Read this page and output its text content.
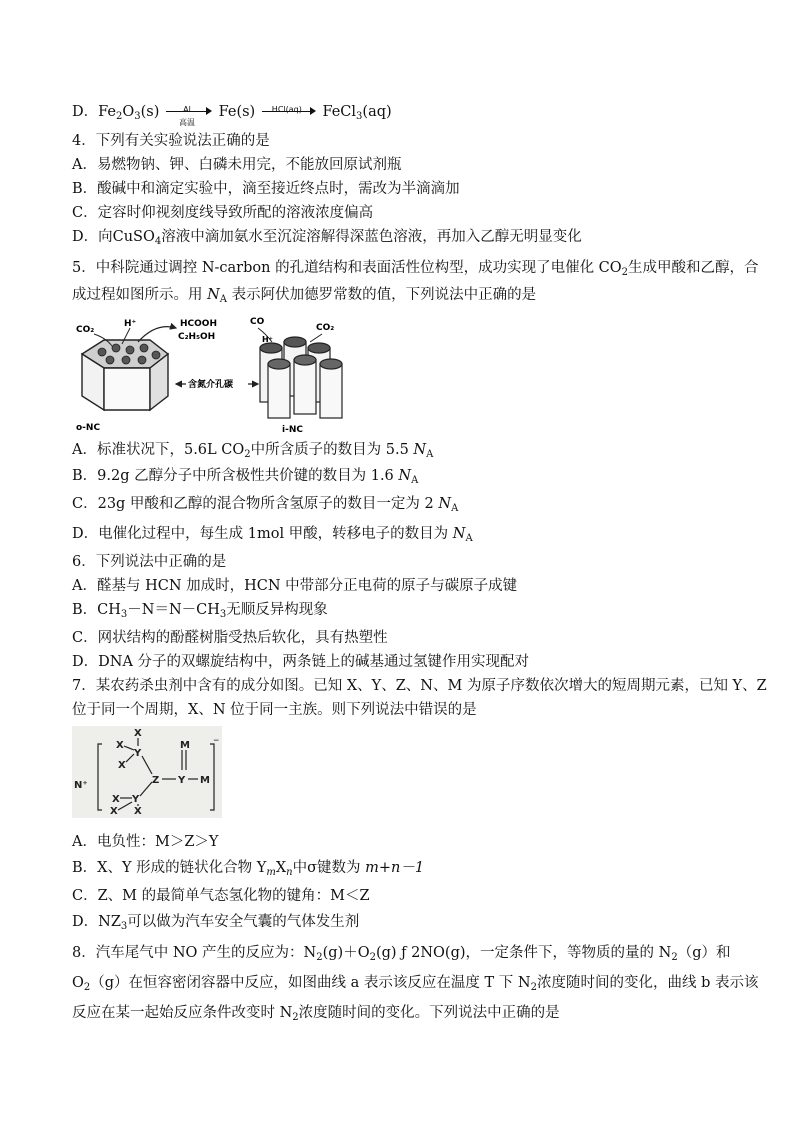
D．$Fe_2O_3(s)$	Al
高温
Fe(s)	HCl(aq)	FeCl$_3$(aq)
4．下列有关实验说法正确的是
A．易燃物钠、钾、白磷未用完，不能放回原试剂瓶
B．酸碱中和滴定实验中，滴至接近终点时，需改为半滴滴加
C．定容时仰视刻度线导致所配的溶液浓度偏高
D．向CuSO$_4$溶液中滴加氨水至沉淀溶解得深蓝色溶液，再加入乙醇无明显变化
5．中科院通过调控 N-carbon 的孔道结构和表面活性位构型，成功实现了电催化 $CO_2$生成甲酸和乙醇，合
成过程如图所示。用 $N_A$ 表示阿伏加德罗常数的值，下列说法中正确的是
CO₂
H⁺	HCOOH
C₂H₅OH
o-NC
含氮介孔碳
CO
CO₂
H⁺
i-NC
A．标准状况下，5.6L $CO_2$中所含质子的数目为 5.5 $N_A$
B．9.2g 乙醇分子中所含极性共价键的数目为 1.6 $N_A$
C．23g 甲酸和乙醇的混合物所含氢原子的数目一定为 2 $N_A$
D．电催化过程中，每生成 1mol 甲酸，转移电子的数目为 $N_A$
6．下列说法中正确的是
A．醛基与 HCN 加成时，HCN 中带部分正电荷的原子与碳原子成键
B．$CH_3-N=N-CH_3$无顺反异构现象
C．网状结构的酚醛树脂受热后软化，具有热塑性
D．DNA 分子的双螺旋结构中，两条链上的碱基通过氢键作用实现配对
7．某农药杀虫剂中含有的成分如图。已知 X、Y、Z、N、M 为原子序数依次增大的短周期元素，已知 Y、Z
位于同一个周期，X、N 位于同一主族。则下列说法中错误的是
N⁺
⁻
X
X
X
X
X X
Y
Y
Z Y
M
M
A．电负性：M＞Z＞Y
B．X、Y 形成的链状化合物 $Y_mX_n$中σ键数为 m+n－1
C．Z、M 的最简单气态氢化物的键角：M＜Z
D．$NZ_3$可以做为汽车安全气囊的气体发生剂
8．汽车尾气中 NO 产生的反应为：$N_2(g)+O_2(g)$ ƒ 2NO(g)，一定条件下，等物质的量的 $N_2(g)$和
$O_2(g)$在恒容密闭容器中反应，如图曲线 a 表示该反应在温度 T 下 $N_2$浓度随时间的变化，曲线 b 表示该
反应在某一起始反应条件改变时 $N_2$浓度随时间的变化。下列说法中正确的是
